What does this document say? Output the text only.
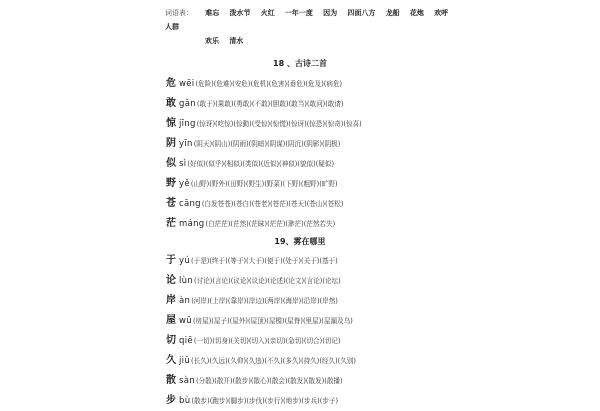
词语表： 难忘 泼水节 火红 一年一度 因为 四面八方 龙船 花炮 欢呼 人群
欢乐 清水
18 、古诗二首
危 wēi(危险)(危难)(安危)(危机)(危害)(垂危)(危及)(病危)
敢 gǎn(敢于)(果敢)(勇敢)(不敢)(胆敢)(敢当)(敢问)(敢请)
惊 jīng(惊讶)(吃惊)(惊動)(受惊)(惊慌)(惊讶)(惊恐)(惊奇)(惊喜)
阴 yīn(阴天)(阴山)(阴雨)(阴暗)(阴谋)(阴沉)(阴影)(阴极)
似 sì(好似)(似乎)(相似)(类似)(近似)(神似)(貌似)(疑似)
野 yě(山野)(野外)(田野)(野生)(野菜)(下野)(粗野)(旷野)
苍 cāng(白发苍苍)(苍白)(苍老)(苍茫)(苍天)(苍山)(苍松)
茫 máng(白茫茫)(茫然)(茫昧)(茫茫)(渺茫)(茫然若失)
19、雾在哪里
于 yú(于是)(终于)(等于)(大于)(便于)(处于)(关于)(基于)
论 lùn(讨论)(言论)(议论)(议论)(论述)(论文)(言论)(论坛)
岸 àn(河岸)(上岸)(靠岸)(岸边)(两岸)(海岸)(沿岸)(岸然)
屋 wū(房屋)(屋子)(屋外)(屋顶)(屋檐)(屋脊)(里屋)(屋漏及乌)
切 qiē(一切)(切身)(关切)(切入)(亲切)(急切)(切合)(切记)
久 jiǔ(长久)(久远)(久仰)(久违)(不久)(多久)(持久)(经久)(久别)
散 sàn(分散)(散开)(散步)(散心)(散会)(散发)(散发)(散播)
步 bù(散步)(跑步)(脚步)(步伐)(步行)(地步)(步兵)(步子)
